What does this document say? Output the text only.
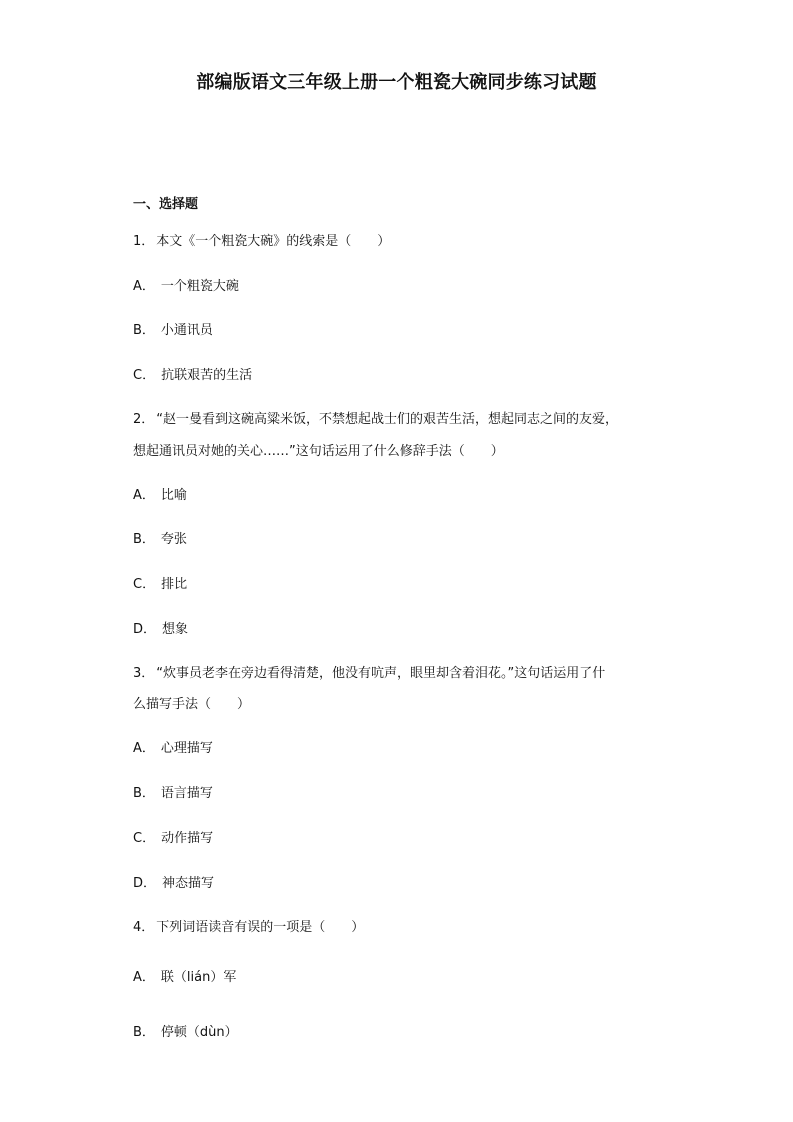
部编版语文三年级上册一个粗瓷大碗同步练习试题
一、选择题
1． 本文《一个粗瓷大碗》的线索是（　　）
A． 一个粗瓷大碗
B． 小通讯员
C． 抗联艰苦的生活
2． “赵一曼看到这碗高粱米饭，不禁想起战士们的艰苦生活，想起同志之间的友爱，
想起通讯员对她的关心……”这句话运用了什么修辞手法（　　）
A． 比喻
B． 夸张
C． 排比
D． 想象
3． “炊事员老李在旁边看得清楚，他没有吭声，眼里却含着泪花。”这句话运用了什
么描写手法（　　）
A． 心理描写
B． 语言描写
C． 动作描写
D． 神态描写
4． 下列词语读音有误的一项是（　　）
A． 联（lián）军
B． 停顿（dùn）
